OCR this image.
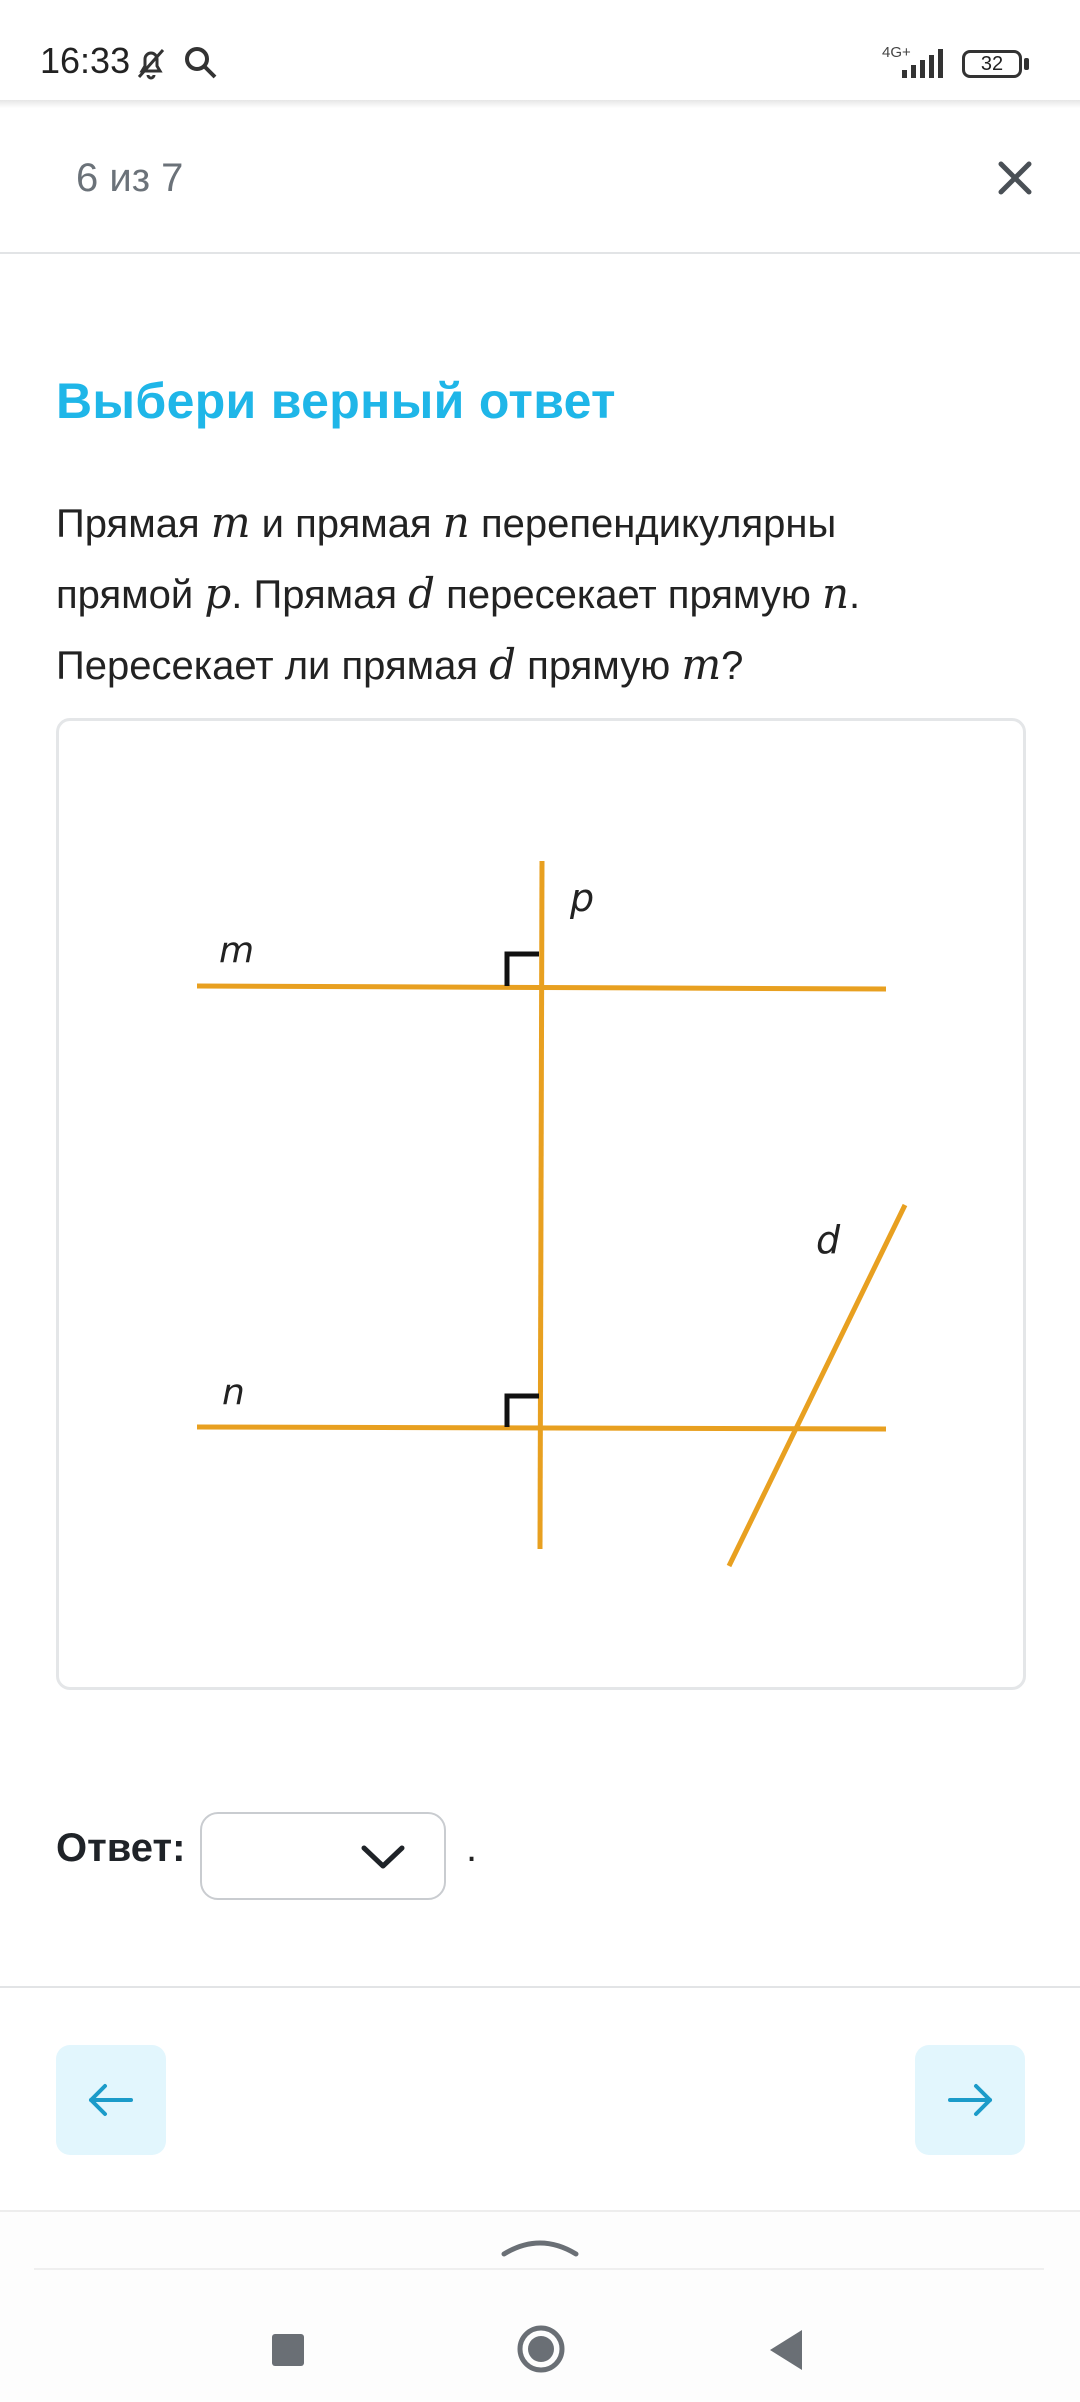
16:33	4G+
32
6 из 7
Выбери верный ответ
Прямая m и прямая n перепендикулярны
прямой p. Прямая d пересекает прямую n.
Пересекает ли прямая d прямую m?
m
n
p
d
Ответ:	.
